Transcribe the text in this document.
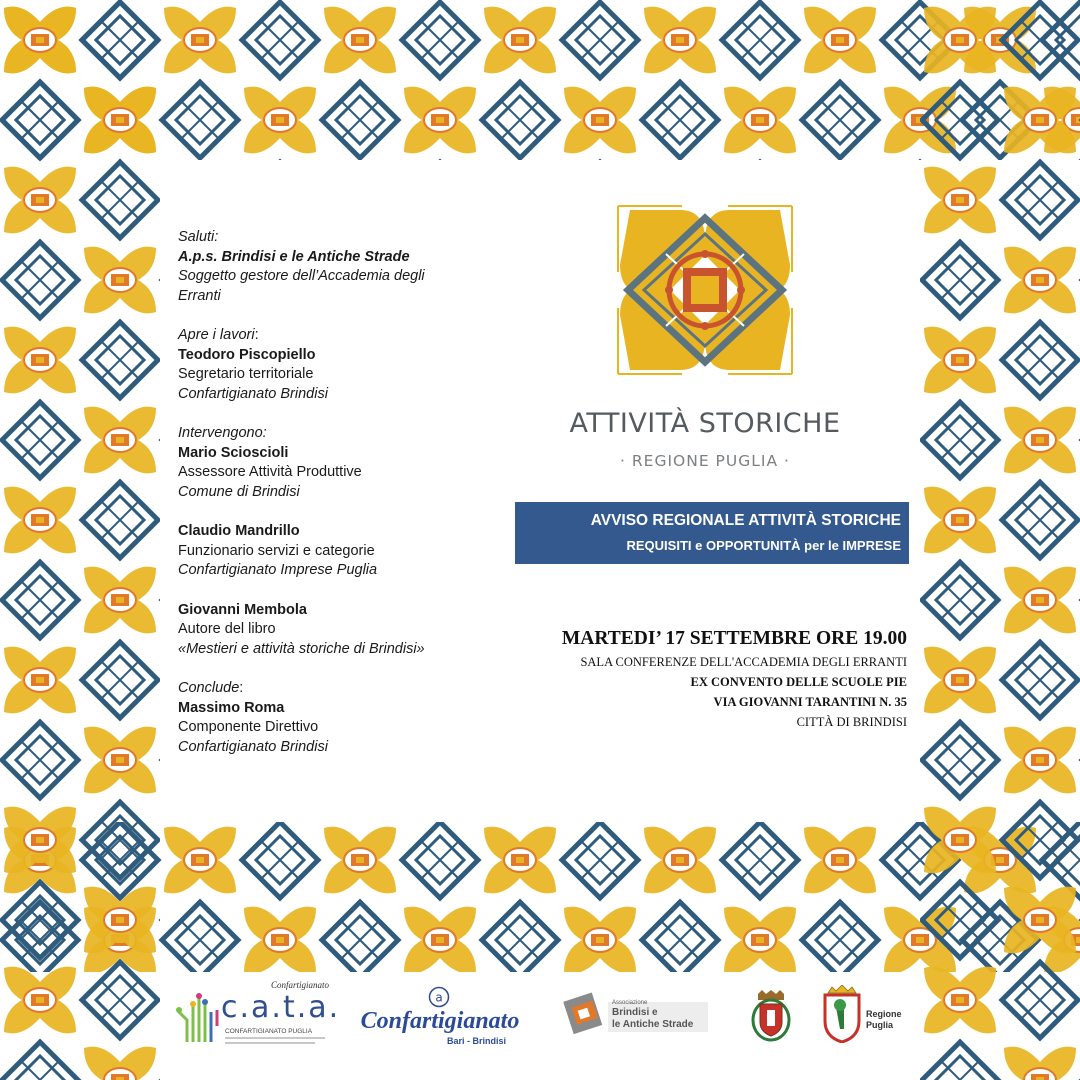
Saluti:
A.p.s. Brindisi e le Antiche Strade
Soggetto gestore dell’Accademia degli
Erranti
Apre i lavori:
Teodoro Piscopiello
Segretario territoriale
Confartigianato Brindisi
Intervengono:
Mario Scioscioli
Assessore Attività Produttive
Comune di Brindisi
Claudio Mandrillo
Funzionario servizi e categorie
Confartigianato Imprese Puglia
Giovanni Membola
Autore del libro
«Mestieri e attività storiche di Brindisi»
Conclude:
Massimo Roma
Componente Direttivo
Confartigianato Brindisi
ATTIVITÀ STORICHE
· REGIONE PUGLIA ·
AVVISO REGIONALE ATTIVITÀ STORICHE
REQUISITI e OPPORTUNITÀ per le IMPRESE
MARTEDI’ 17 SETTEMBRE ORE 19.00
SALA CONFERENZE DELL'ACCADEMIA DEGLI ERRANTI
EX CONVENTO DELLE SCUOLE PIE
VIA GIOVANNI TARANTINI N. 35
CITTÀ DI BRINDISI
Confartigianato
c.a.t.a.
CONFARTIGIANATO PUGLIA
a
Confartigianato
Bari - Brindisi
Associazione
Brindisi e
le Antiche Strade
Regione
Puglia
